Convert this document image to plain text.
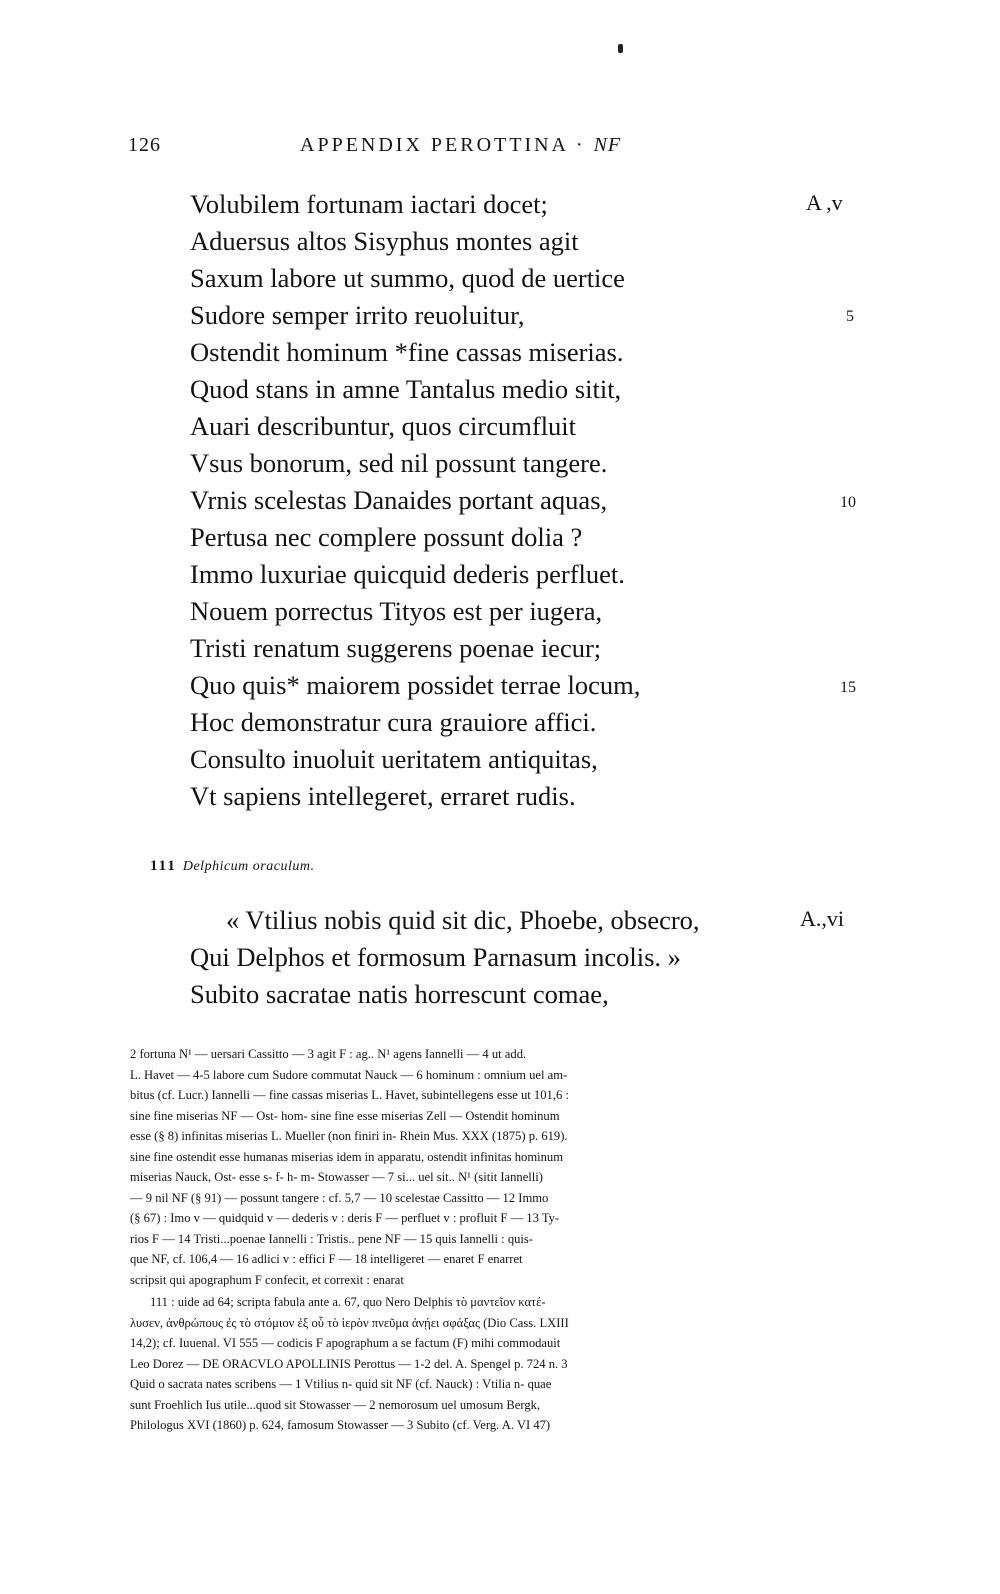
126	APPENDIX PEROTTINA · NF
Volubilem fortunam iactari docet;
Aduersus altos Sisyphus montes agit
Saxum labore ut summo, quod de uertice
Sudore semper irrito reuoluitur,
Ostendit hominum *fine cassas miserias.
Quod stans in amne Tantalus medio sitit,
Auari describuntur, quos circumfluit
Vsus bonorum, sed nil possunt tangere.
Vrnis scelestas Danaides portant aquas,
Pertusa nec complere possunt dolia ?
Immo luxuriae quicquid dederis perfluet.
Nouem porrectus Tityos est per iugera,
Tristi renatum suggerens poenae iecur;
Quo quis* maiorem possidet terrae locum,
Hoc demonstratur cura grauiore affici.
Consulto inuoluit ueritatem antiquitas,
Vt sapiens intellegeret, erraret rudis.
A ,v
5
10
15
111 Delphicum oraculum.
« Vtilius nobis quid sit dic, Phoebe, obsecro,
Qui Delphos et formosum Parnasum incolis. »
Subito sacratae natis horrescunt comae,
A.,vi
2 fortuna N¹ — uersari Cassitto — 3 agit F : ag.. N¹ agens Iannelli — 4 ut add.
L. Havet — 4-5 labore cum Sudore commutat Nauck — 6 hominum : omnium uel am-
bitus (cf. Lucr.) Iannelli — fine cassas miserias L. Havet, subintellegens esse ut 101,6 :
sine fine miserias NF — Ost- hom- sine fine esse miserias Zell — Ostendit hominum
esse (§ 8) infinitas miserias L. Mueller (non finiri in- Rhein Mus. XXX (1875) p. 619).
sine fine ostendit esse humanas miserias idem in apparatu, ostendit infinitas hominum
miserias Nauck, Ost- esse s- f- h- m- Stowasser — 7 si... uel sit.. N¹ (sitit Iannelli)
— 9 nil NF (§ 91) — possunt tangere : cf. 5,7 — 10 scelestae Cassitto — 12 Immo
(§ 67) : Imo v — quidquid v — dederis v : deris F — perfluet v : profluit F — 13 Ty-
rios F — 14 Tristi...poenae Iannelli : Tristis.. pene NF — 15 quis Iannelli : quis-
que NF, cf. 106,4 — 16 adlici v : effici F — 18 intelligeret — enaret F enarret
scripsit qui apographum F confecit, et correxit : enarat
111 : uide ad 64; scripta fabula ante a. 67, quo Nero Delphis τὸ μαντεῖον κατέ-
λυσεν, ἀνθρώπους ἐς τὸ στόμιον ἐξ οὗ τὸ ἱερὸν πνεῦμα ἀνῄει σφάξας (Dio Cass. LXIII
14,2); cf. Iuuenal. VI 555 — codicis F apographum a se factum (F) mihi commodauit
Leo Dorez — DE ORACVLO APOLLINIS Perottus — 1-2 del. A. Spengel p. 724 n. 3
Quid o sacrata nates scribens — 1 Vtilius n- quid sit NF (cf. Nauck) : Vtilia n- quae
sunt Froehlich Ius utile...quod sit Stowasser — 2 nemorosum uel umosum Bergk,
Philologus XVI (1860) p. 624, famosum Stowasser — 3 Subito (cf. Verg. A. VI 47)
